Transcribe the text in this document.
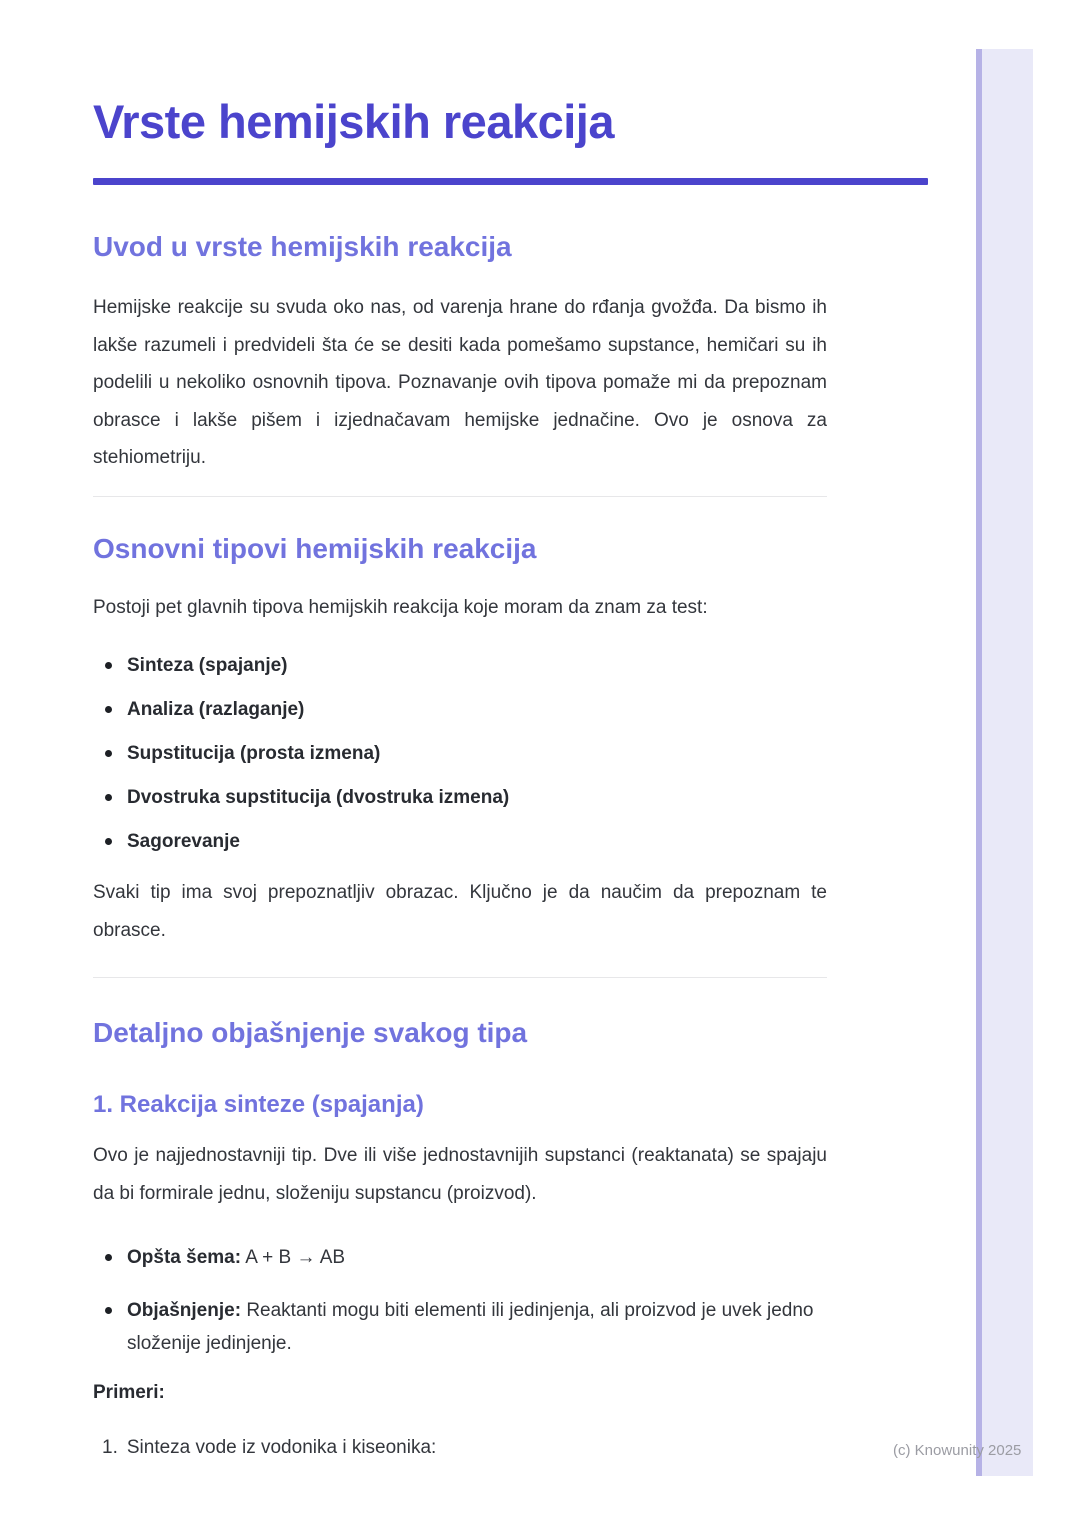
Vrste hemijskih reakcija
Uvod u vrste hemijskih reakcija

Hemijske reakcije su svuda oko nas, od varenja hrane do rđanja gvožđa. Da bismo ih lakše razumeli i predvideli šta će se desiti kada pomešamo supstance, hemičari su ih podelili u nekoliko osnovnih tipova. Poznavanje ovih tipova pomaže mi da prepoznam obrasce i lakše pišem i izjednačavam hemijske jednačine. Ovo je osnova za stehiometriju.

Osnovni tipovi hemijskih reakcija

Postoji pet glavnih tipova hemijskih reakcija koje moram da znam za test:

Sinteza (spajanje)
Analiza (razlaganje)
Supstitucija (prosta izmena)
Dvostruka supstitucija (dvostruka izmena)
Sagorevanje

Svaki tip ima svoj prepoznatljiv obrazac. Ključno je da naučim da prepoznam te obrasce.

Detaljno objašnjenje svakog tipa
1. Reakcija sinteze (spajanja)

Ovo je najjednostavniji tip. Dve ili više jednostavnijih supstanci (reaktanata) se spajaju da bi formirale jednu, složeniju supstancu (proizvod).

Opšta šema: A + B → AB
Objašnjenje: Reaktanti mogu biti elementi ili jedinjenja, ali proizvod je uvek jedno složenije jedinjenje.

Primeri:

1. Sinteza vode iz vodonika i kiseonika:	(c) Knowunity 2025
